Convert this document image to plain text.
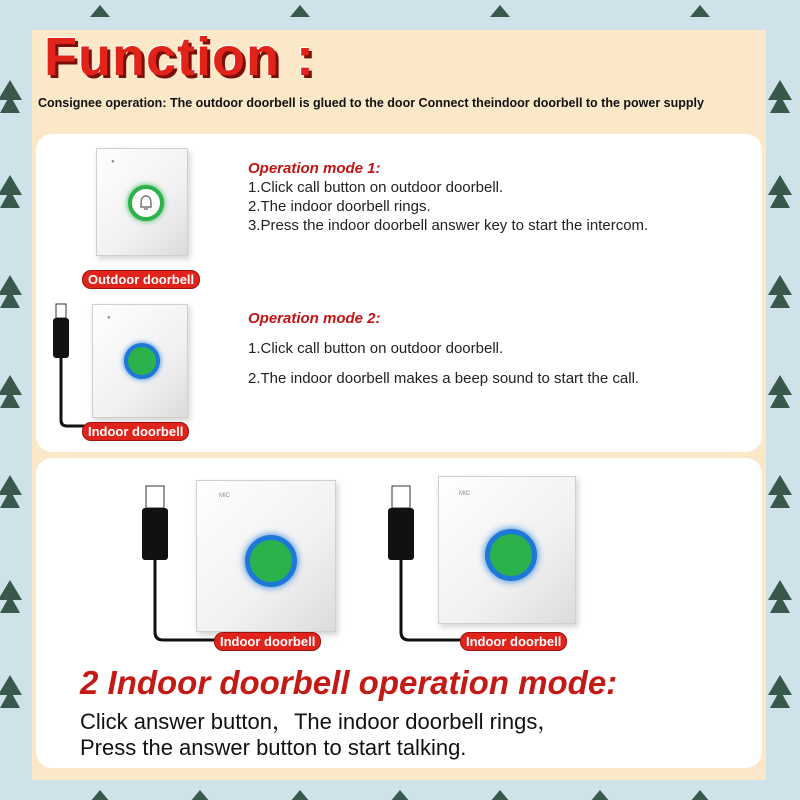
Function :
Consignee operation: The outdoor doorbell is glued to the door Connect theindoor doorbell to the power supply
●
Outdoor doorbell
Operation mode 1:
1.Click call button on outdoor doorbell.
2.The indoor doorbell rings.
3.Press the indoor doorbell answer key to start the intercom.
●
Indoor doorbell
Operation mode 2:
1.Click call button on outdoor doorbell.
2.The indoor doorbell makes a beep sound to start the call.
MIC
Indoor doorbell
MIC
Indoor doorbell
2 Indoor doorbell operation mode:
Click answer button，The indoor doorbell rings，
Press the answer button to start talking.
